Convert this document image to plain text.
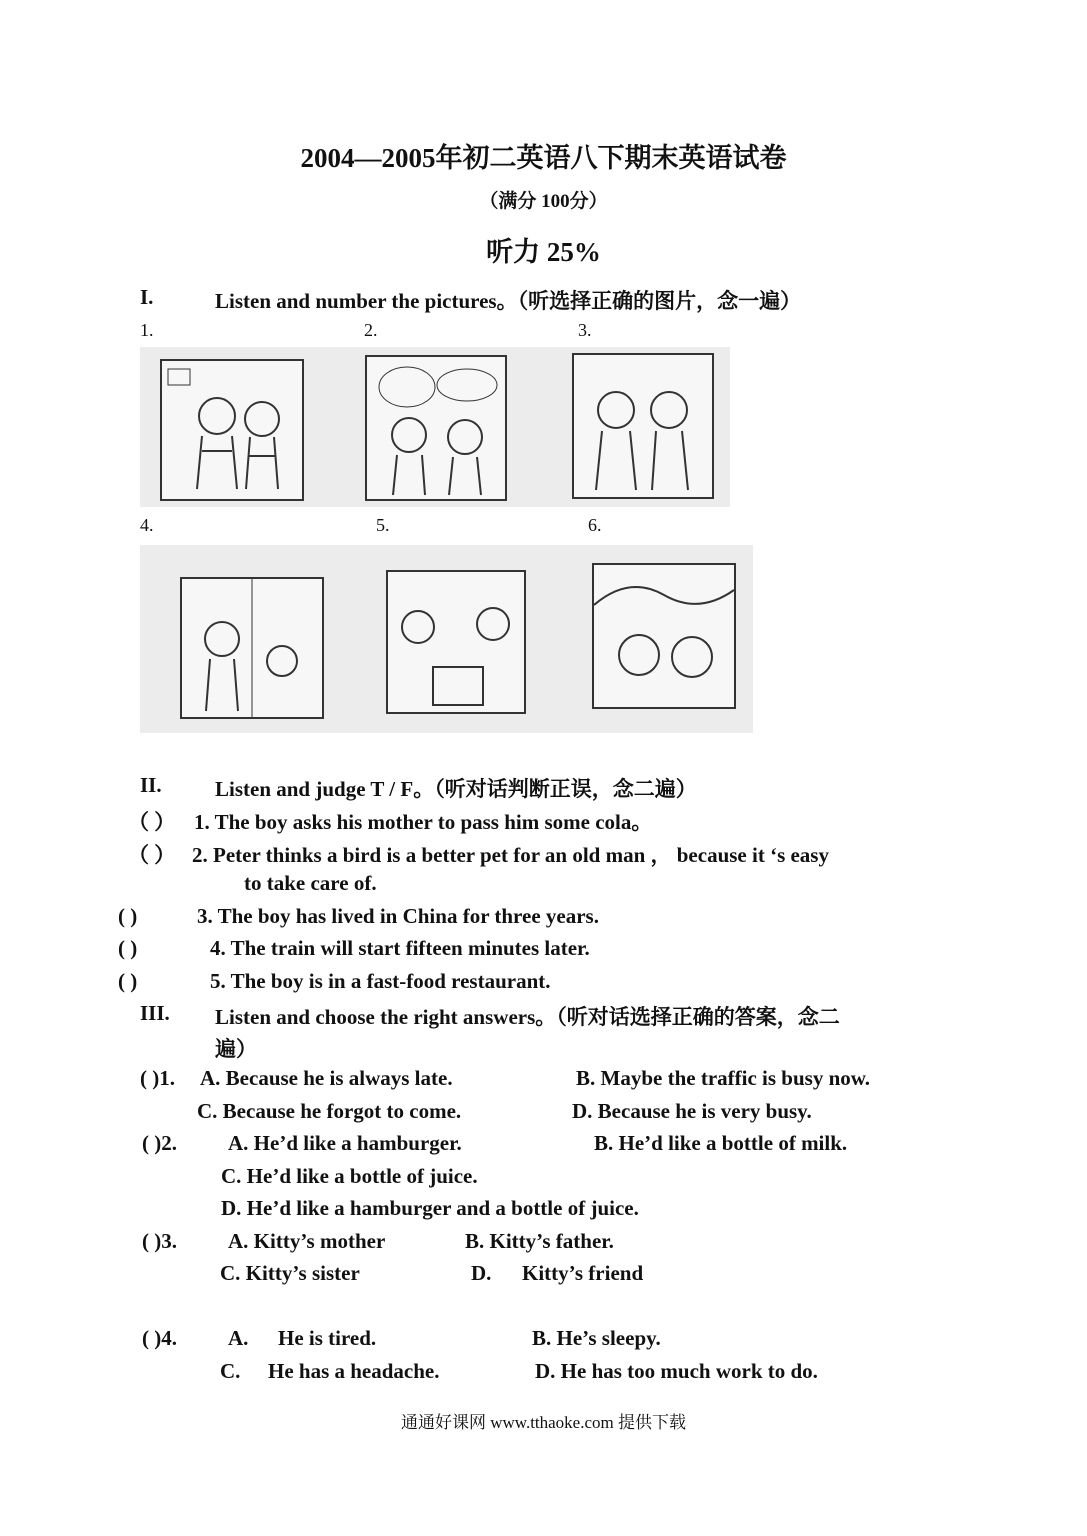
2004—2005年初二英语八下期末英语试卷
（满分 100分）
听力 25%
I.	Listen and number the pictures。（听选择正确的图片，念一遍）
1.	2.	3.
4.	5.	6.
II.	Listen and judge T / F。（听对话判断正误，念二遍）
（ ） 1. The boy asks his mother to pass him some cola。
（ ） 2. Peter thinks a bird is a better pet for an old man ， because it ‘s easy
to take care of.
( )	3. The boy has lived in China for three years.
( )	4. The train will start fifteen minutes later.
( )	5. The boy is in a fast-food restaurant.
III. Listen and choose the right answers。（听对话选择正确的答案，念二
遍）
( )1. A. Because he is always late.	B. Maybe the traffic is busy now.
C. Because he forgot to come.	D. Because he is very busy.
( )2. A. He’d like a hamburger.	B. He’d like a bottle of milk.
C. He’d like a bottle of juice.
D. He’d like a hamburger and a bottle of juice.
( )3. A. Kitty’s mother	B. Kitty’s father.
C. Kitty’s sister	D. Kitty’s friend
( )4. A. He is tired.	B. He’s sleepy.
C. He has a headache.	D. He has too much work to do.
通通好课网 www.tthaoke.com 提供下载
